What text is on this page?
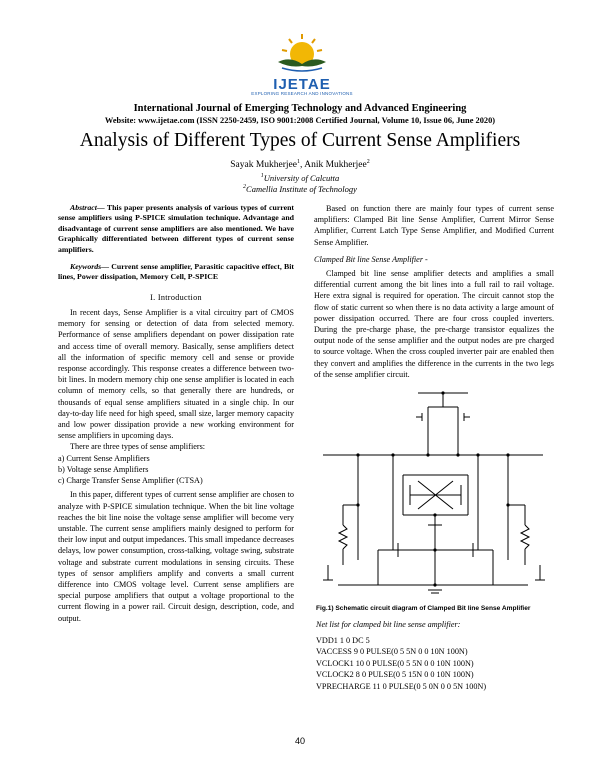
IJETAE
EXPLORING RESEARCH AND INNOVATIONS
International Journal of Emerging Technology and Advanced Engineering
Website: www.ijetae.com (ISSN 2250-2459, ISO 9001:2008 Certified Journal, Volume 10, Issue 06, June 2020)
Analysis of Different Types of Current Sense Amplifiers
Sayak Mukherjee$^1$, Anik Mukherjee$^2$
$^1$University of Calcutta
$^2$Camellia Institute of Technology

Abstract— This paper presents analysis of various types of current sense amplifiers using P-SPICE simulation technique. Advantage and disadvantage of current sense amplifiers are also mentioned. We have Graphically differentiated between different types of current sense amplifiers.

Keywords— Current sense amplifier, Parasitic capacitive effect, Bit lines, Power dissipation, Memory Cell, P-SPICE

I. Introduction

In recent days, Sense Amplifier is a vital circuitry part of CMOS memory for sensing or detection of data from selected memory. Performance of sense amplifiers dependant on power dissipation rate and access time of overall memory. Basically, sense amplifiers detect all the information of specific memory cell and sense or provide response accordingly. This response creates a difference between two-bit lines. In modern memory chip one sense amplifier is located in each column of memory cells, so that generally there are hundreds, or thousands of equal sense amplifiers situated in a single chip. In our day-to-day life need for high speed, small size, larger memory capacity and low power dissipation provide a new working environment for sense amplifiers in upcoming days.

There are three types of sense amplifiers:

a) Current Sense Amplifiers

b) Voltage sense Amplifiers

c) Charge Transfer Sense Amplifier (CTSA)

In this paper, different types of current sense amplifier are chosen to analyze with P-SPICE simulation technique. When the bit line voltage reaches the bit line noise the voltage sense amplifier will become very unstable. The current sense amplifiers mainly designed to perform for their low input and output impedances. This small impedance decreases delays, low power consumption, cross-talking, voltage swing, substrate voltage and substrate current modulations in sensing circuits. These types of sensor amplifiers amplify and converts a small current difference into CMOS voltage level. Current sense amplifiers are special purpose amplifiers that output a voltage proportional to the current flowing in a power rail. Circuit design, description, code, and output.

Based on function there are mainly four types of current sense amplifiers: Clamped Bit line Sense Amplifier, Current Mirror Sense Amplifier, Current Latch Type Sense Amplifier, and Modified Current Sense Amplifier.

Clamped Bit line Sense Amplifier -

Clamped bit line sense amplifier detects and amplifies a small differential current among the bit lines into a full rail to rail voltage. Here extra signal is required for operation. The circuit cannot stop the flow of static current so when there is no data activity a large amount of power dissipation occurred. There are four cross coupled inverters. During the pre-charge phase, the pre-charge transistor equalizes the output node of the sense amplifier and the output nodes are pre charged to source voltage. When the cross coupled inverter pair are enabled then they convert and amplifies the difference in the currents in the two legs of the sense amplifier circuit.

Fig.1) Schematic circuit diagram of Clamped Bit line Sense Amplifier
Net list for clamped bit line sense amplifier:
VDD1 1 0 DC 5
VACCESS 9 0 PULSE(0 5 5N 0 0 10N 100N)
VCLOCK1 10 0 PULSE(0 5 5N 0 0 10N 100N)
VCLOCK2 8 0 PULSE(0 5 15N 0 0 10N 100N)
VPRECHARGE 11 0 PULSE(0 5 0N 0 0 5N 100N)
40
